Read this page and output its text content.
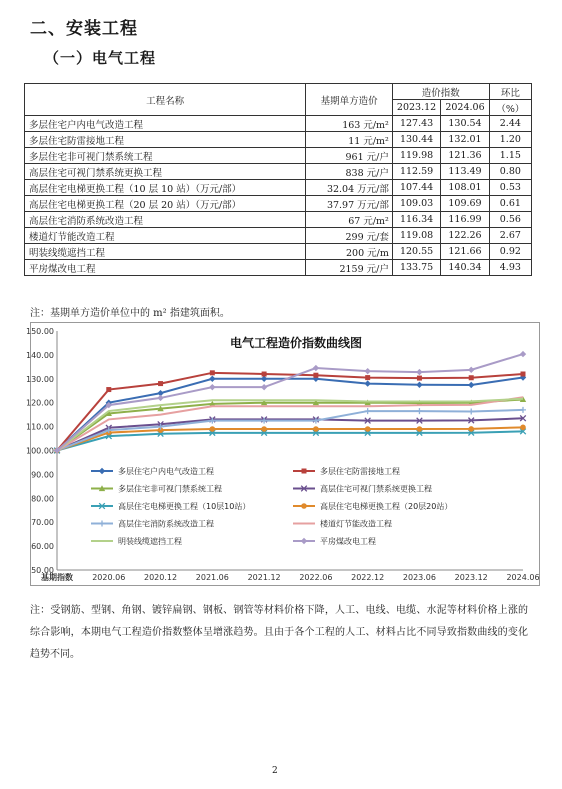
二、安装工程
（一）电气工程
工程名称	基期单方造价	造价指数		环比
		2023.12	2024.06	（%）
多层住宅户内电气改造工程	163 元/m²	127.43	130.54	2.44
多层住宅防雷接地工程	11 元/m²	130.44	132.01	1.20
多层住宅非可视门禁系统工程	961 元/户	119.98	121.36	1.15
高层住宅可视门禁系统更换工程	838 元/户	112.59	113.49	0.80
高层住宅电梯更换工程（10 层 10 站）（万元/部）	32.04 万元/部	107.44	108.01	0.53
高层住宅电梯更换工程（20 层 20 站）（万元/部）	37.97 万元/部	109.03	109.69	0.61
高层住宅消防系统改造工程	67 元/m²	116.34	116.99	0.56
楼道灯节能改造工程	299 元/套	119.08	122.26	2.67
明装线缆遮挡工程	200 元/m	120.55	121.66	0.92
平房煤改电工程	2159 元/户	133.75	140.34	4.93
注：基期单方造价单位中的 m² 指建筑面积。
50.00
60.00
70.00
80.00
90.00
100.00
110.00
120.00
130.00
140.00
150.00
基期指数 2020.06 2020.12 2021.06 2021.12 2022.06 2022.12 2023.06 2023.12 2024.06
电气工程造价指数曲线图
多层住宅户内电气改造工程	多层住宅防雷接地工程
多层住宅非可视门禁系统工程	高层住宅可视门禁系统更换工程
高层住宅电梯更换工程（10层10站）	高层住宅电梯更换工程（20层20站）
高层住宅消防系统改造工程	楼道灯节能改造工程
明装线缆遮挡工程	平房煤改电工程
注：受钢筋、型钢、角钢、镀锌扁钢、钢板、钢管等材料价格下降，人工、电线、电缆、水泥等材料价格上涨的综合影响，本期电气工程造价指数整体呈增涨趋势。且由于各个工程的人工、材料占比不同导致指数曲线的变化趋势不同。
2
